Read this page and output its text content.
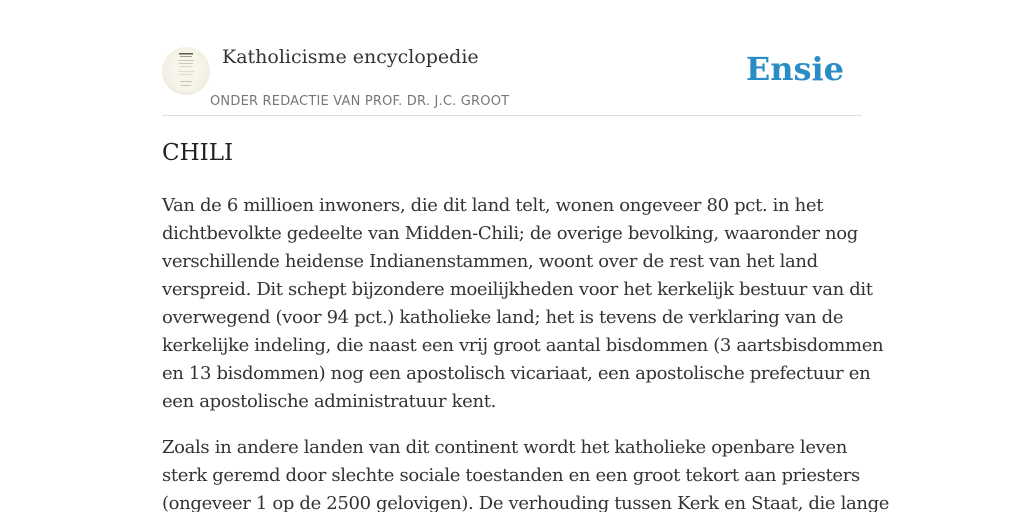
Katholicisme encyclopedie
ONDER REDACTIE VAN PROF. DR. J.C. GROOT
Ensie
CHILI

Van de 6 millioen inwoners, die dit land telt, wonen ongeveer 80 pct. in het
dichtbevolkte gedeelte van Midden-Chili; de overige bevolking, waaronder nog
verschillende heidense Indianenstammen, woont over de rest van het land
verspreid. Dit schept bijzondere moeilijkheden voor het kerkelijk bestuur van dit
overwegend (voor 94 pct.) katholieke land; het is tevens de verklaring van de
kerkelijke indeling, die naast een vrij groot aantal bisdommen (3 aartsbisdommen
en 13 bisdommen) nog een apostolisch vicariaat, een apostolische prefectuur en
een apostolische administratuur kent.

Zoals in andere landen van dit continent wordt het katholieke openbare leven
sterk geremd door slechte sociale toestanden en een groot tekort aan priesters
(ongeveer 1 op de 2500 gelovigen). De verhouding tussen Kerk en Staat, die lange
